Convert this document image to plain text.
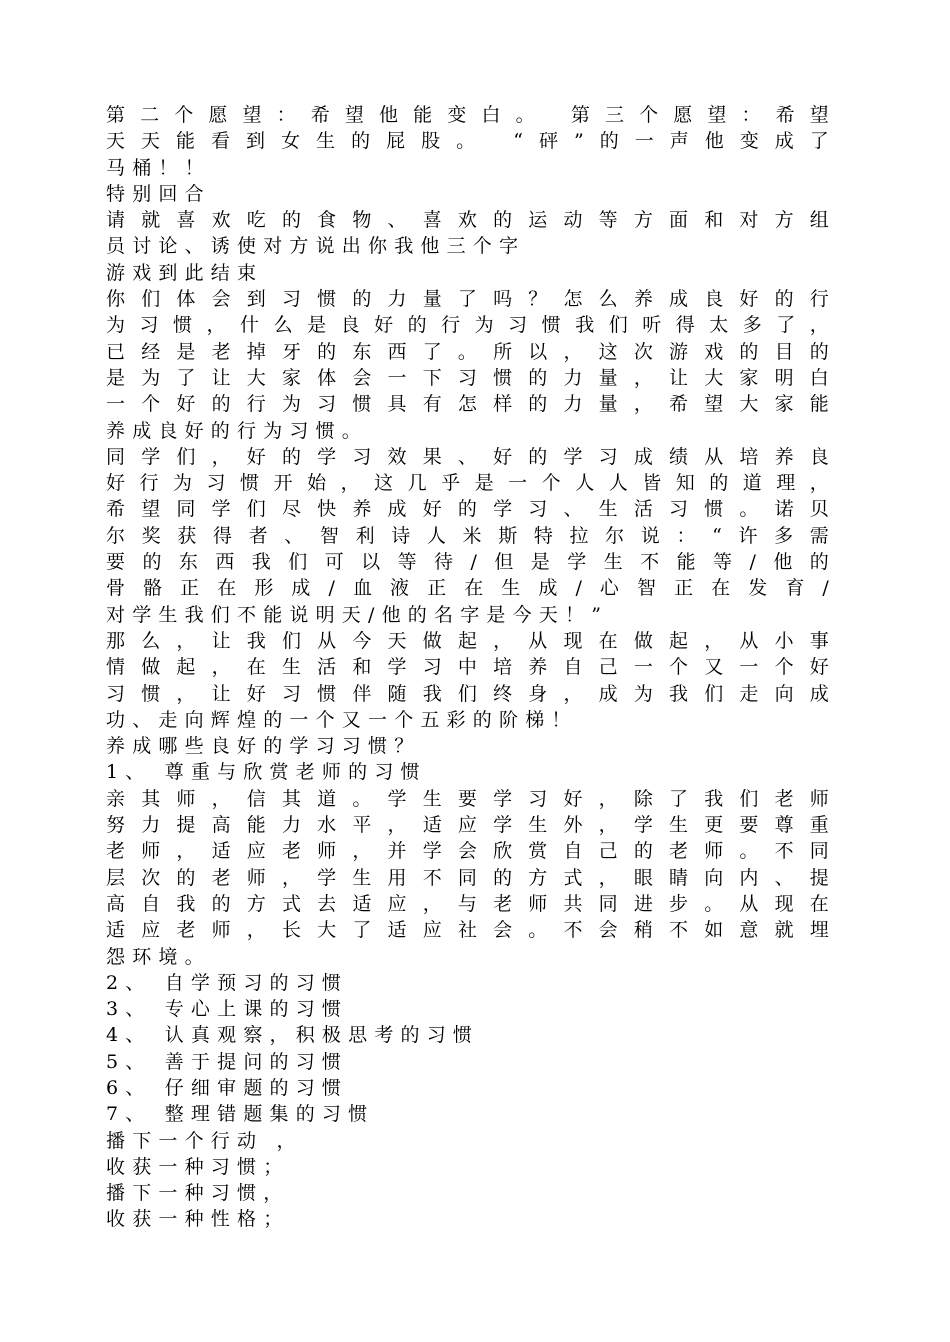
第二个愿望：希望他能变白。 第三个愿望：希望
天天能看到女生的屁股。 “砰”的一声他变成了
马桶！！
特别回合
请就喜欢吃的食物、喜欢的运动等方面和对方组
员讨论、诱使对方说出你我他三个字
游戏到此结束
你们体会到习惯的力量了吗？怎么养成良好的行
为习惯，什么是良好的行为习惯我们听得太多了，
已经是老掉牙的东西了。所以，这次游戏的目的
是为了让大家体会一下习惯的力量，让大家明白
一个好的行为习惯具有怎样的力量，希望大家能
养成良好的行为习惯。
同学们，好的学习效果、好的学习成绩从培养良
好行为习惯开始，这几乎是一个人人皆知的道理，
希望同学们尽快养成好的学习、生活习惯。诺贝
尔奖获得者、智利诗人米斯特拉尔说：“许多需
要的东西我们可以等待/但是学生不能等/他的
骨骼正在形成/血液正在生成/心智正在发育/
对学生我们不能说明天/他的名字是今天！”
那么，让我们从今天做起，从现在做起，从小事
情做起，在生活和学习中培养自己一个又一个好
习惯，让好习惯伴随我们终身，成为我们走向成
功、走向辉煌的一个又一个五彩的阶梯！
养成哪些良好的学习习惯？
1、 尊重与欣赏老师的习惯
亲其师，信其道。学生要学习好，除了我们老师
努力提高能力水平，适应学生外，学生更要尊重
老师，适应老师，并学会欣赏自己的老师。不同
层次的老师，学生用不同的方式，眼睛向内、提
高自我的方式去适应，与老师共同进步。从现在
适应老师，长大了适应社会。不会稍不如意就埋
怨环境。
2、 自学预习的习惯
3、 专心上课的习惯
4、 认真观察，积极思考的习惯
5、 善于提问的习惯
6、 仔细审题的习惯
7、 整理错题集的习惯
播下一个行动 ，
收获一种习惯；
播下一种习惯，
收获一种性格；
